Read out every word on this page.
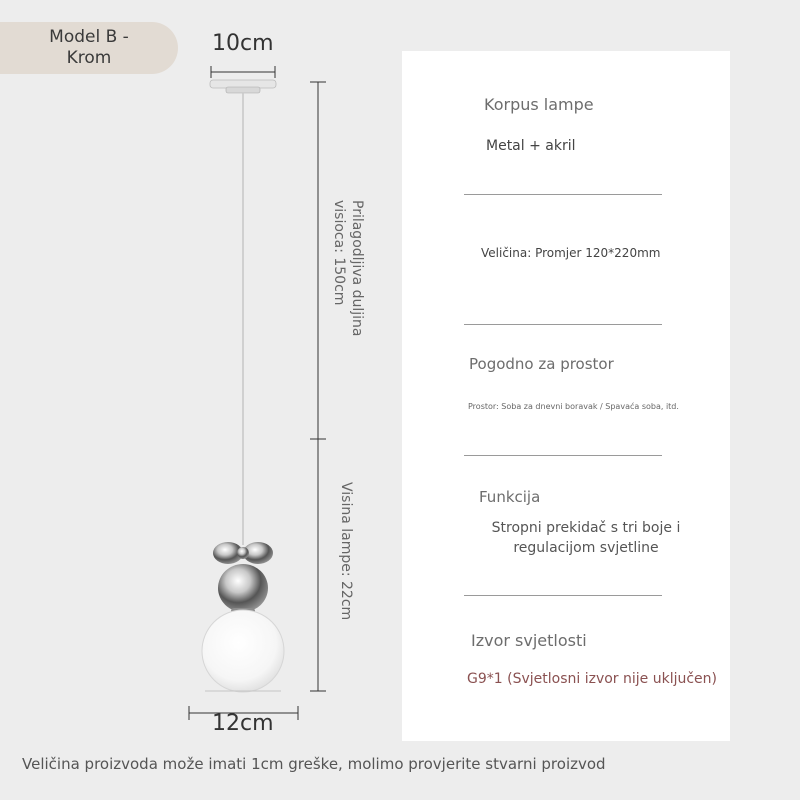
Model B -
Krom
10cm
12cm
Prilagodljiva duljina visioca: 150cm
Visina lampe: 22cm
Korpus lampe
Metal + akril
Veličina: Promjer 120*220mm
Pogodno za prostor
Prostor: Soba za dnevni boravak / Spavaća soba, itd.
Funkcija
Stropni prekidač s tri boje i regulacijom svjetline
Izvor svjetlosti
G9*1 (Svjetlosni izvor nije uključen)
Veličina proizvoda može imati 1cm greške, molimo provjerite stvarni proizvod
